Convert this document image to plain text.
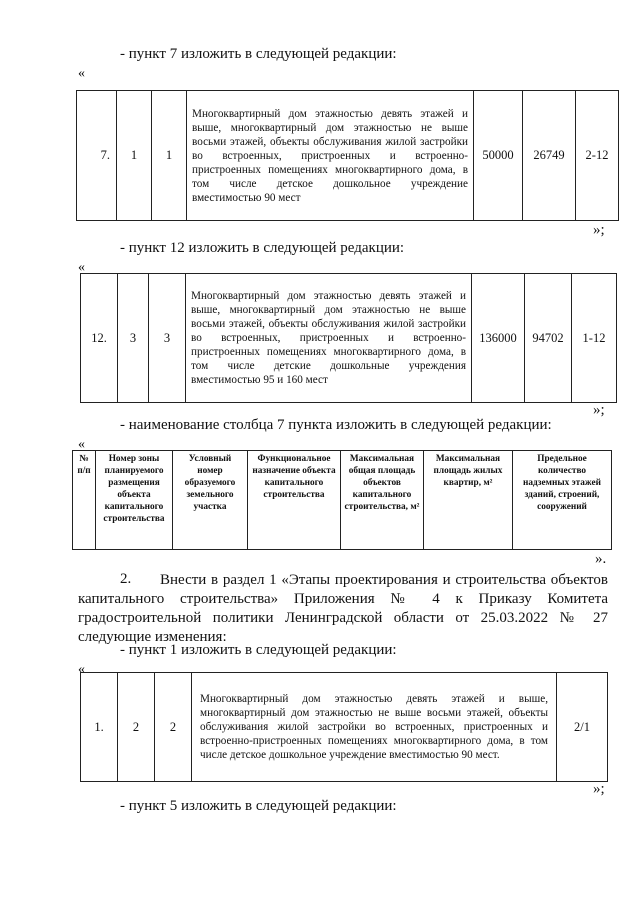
- пункт 7 изложить в следующей редакции:
«
7.	1	1	Многоквартирный дом этажностью девять этажей и выше, многоквартирный дом этажностью не выше восьми этажей, объекты обслуживания жилой застройки во встроенных, пристроенных и встроенно-пристроенных помещениях многоквартирного дома, в том числе детское дошкольное учреждение вместимостью 90 мест	50000	26749	2-12
»;
- пункт 12 изложить в следующей редакции:
«
12.	3	3	Многоквартирный дом этажностью девять этажей и выше, многоквартирный дом этажностью не выше восьми этажей, объекты обслуживания жилой застройки во встроенных, пристроенных и встроенно-пристроенных помещениях многоквартирного дома, в том числе детские дошкольные учреждения вместимостью 95 и 160 мест	136000	94702	1-12
»;
- наименование столбца 7 пункта изложить в следующей редакции:
«
№ п/п	Номер зоны планируемого размещения объекта капитального строительства	Условный номер образуемого земельного участка	Функциональное назначение объекта капитального строительства	Максимальная общая площадь объектов капитального строительства, м²	Максимальная площадь жилых квартир, м²	Предельное количество надземных этажей зданий, строений, сооружений
».
2.	Внести в раздел 1 «Этапы проектирования и строительства объектов капитального строительства» Приложения № 4 к Приказу Комитета градостроительной политики Ленинградской области от 25.03.2022 № 27 следующие изменения:
- пункт 1 изложить в следующей редакции:
«
1.	2	2	Многоквартирный дом этажностью девять этажей и выше, многоквартирный дом этажностью не выше восьми этажей, объекты обслуживания жилой застройки во встроенных, пристроенных и встроенно-пристроенных помещениях многоквартирного дома, в том числе детское дошкольное учреждение вместимостью 90 мест.	2/1
»;
- пункт 5 изложить в следующей редакции:
